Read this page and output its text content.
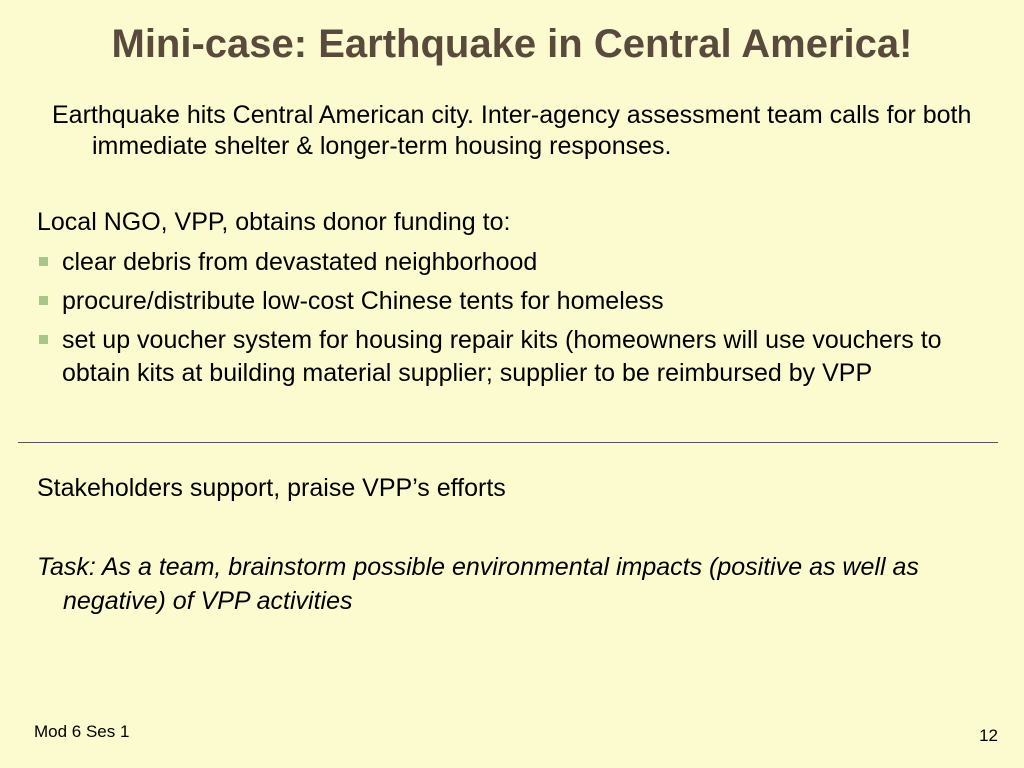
Mini-case: Earthquake in Central America!
Earthquake hits Central American city. Inter-agency assessment team calls for both immediate shelter & longer-term housing responses.
Local NGO, VPP, obtains donor funding to:
clear debris from devastated neighborhood
procure/distribute low-cost Chinese tents for homeless
set up voucher system for housing repair kits (homeowners will use vouchers to obtain kits at building material supplier; supplier to be reimbursed by VPP
Stakeholders support, praise VPP’s efforts
Task: As a team, brainstorm possible environmental impacts (positive as well as negative) of VPP activities
Mod 6 Ses 1	12
